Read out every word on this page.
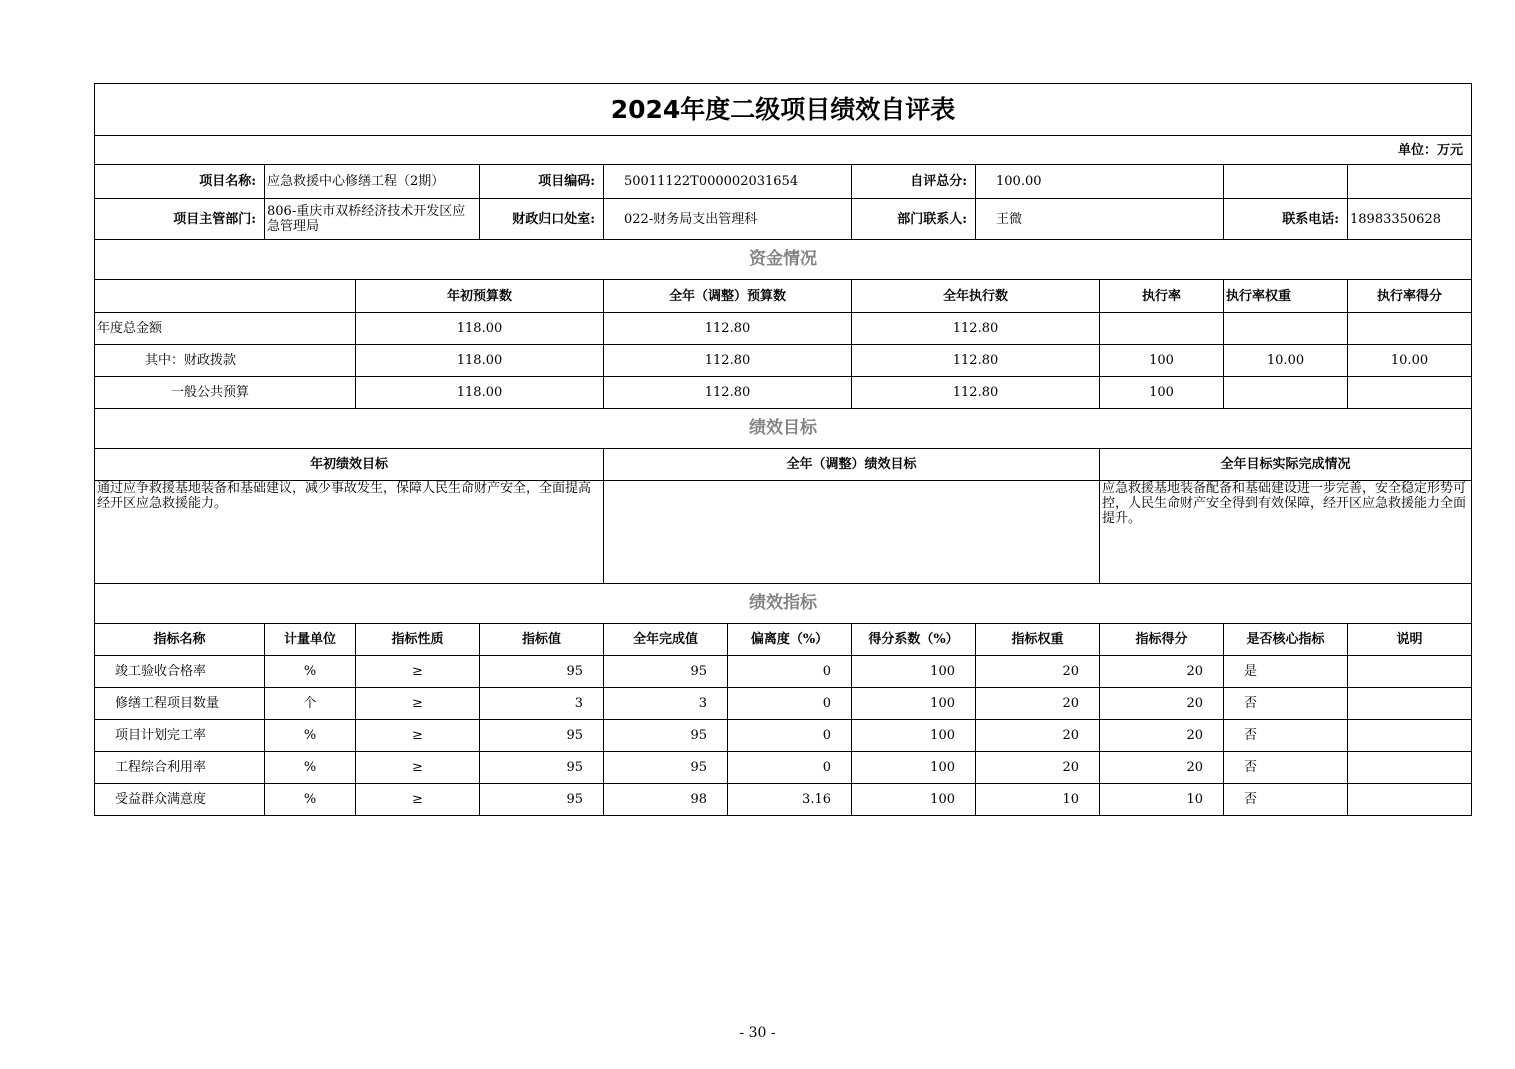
2024年度二级项目绩效自评表										
单位：万元										
项目名称:	应急救援中心修缮工程（2期）		项目编码:	50011122T000002031654		自评总分:	100.00			
项目主管部门:	806-重庆市双桥经济技术开发区应急管理局		财政归口处室:	022-财务局支出管理科		部门联系人:	王微		联系电话:	18983350628
资金情况										
		年初预算数		全年（调整）预算数		全年执行数		执行率	执行率权重	执行率得分
年度总金额		118.00		112.80		112.80				
其中：财政拨款		118.00		112.80		112.80		100	10.00	10.00
一般公共预算		118.00		112.80		112.80		100		
绩效目标										
年初绩效目标				全年（调整）绩效目标				全年目标实际完成情况		
通过应争救援基地装备和基础建议，减少事故发生，保障人民生命财产安全，全面提高经开区应急救援能力。								应急救援基地装备配备和基础建设进一步完善，安全稳定形势可控，人民生命财产安全得到有效保障，经开区应急救援能力全面提升。		
绩效指标										
指标名称	计量单位	指标性质	指标值	全年完成值	偏离度（%）	得分系数（%）	指标权重	指标得分	是否核心指标	说明
竣工验收合格率	%	≥	95	95	0	100	20	20	是	
修缮工程项目数量	个	≥	3	3	0	100	20	20	否	
项目计划完工率	%	≥	95	95	0	100	20	20	否	
工程综合利用率	%	≥	95	95	0	100	20	20	否	
受益群众满意度	%	≥	95	98	3.16	100	10	10	否	
- 30 -
